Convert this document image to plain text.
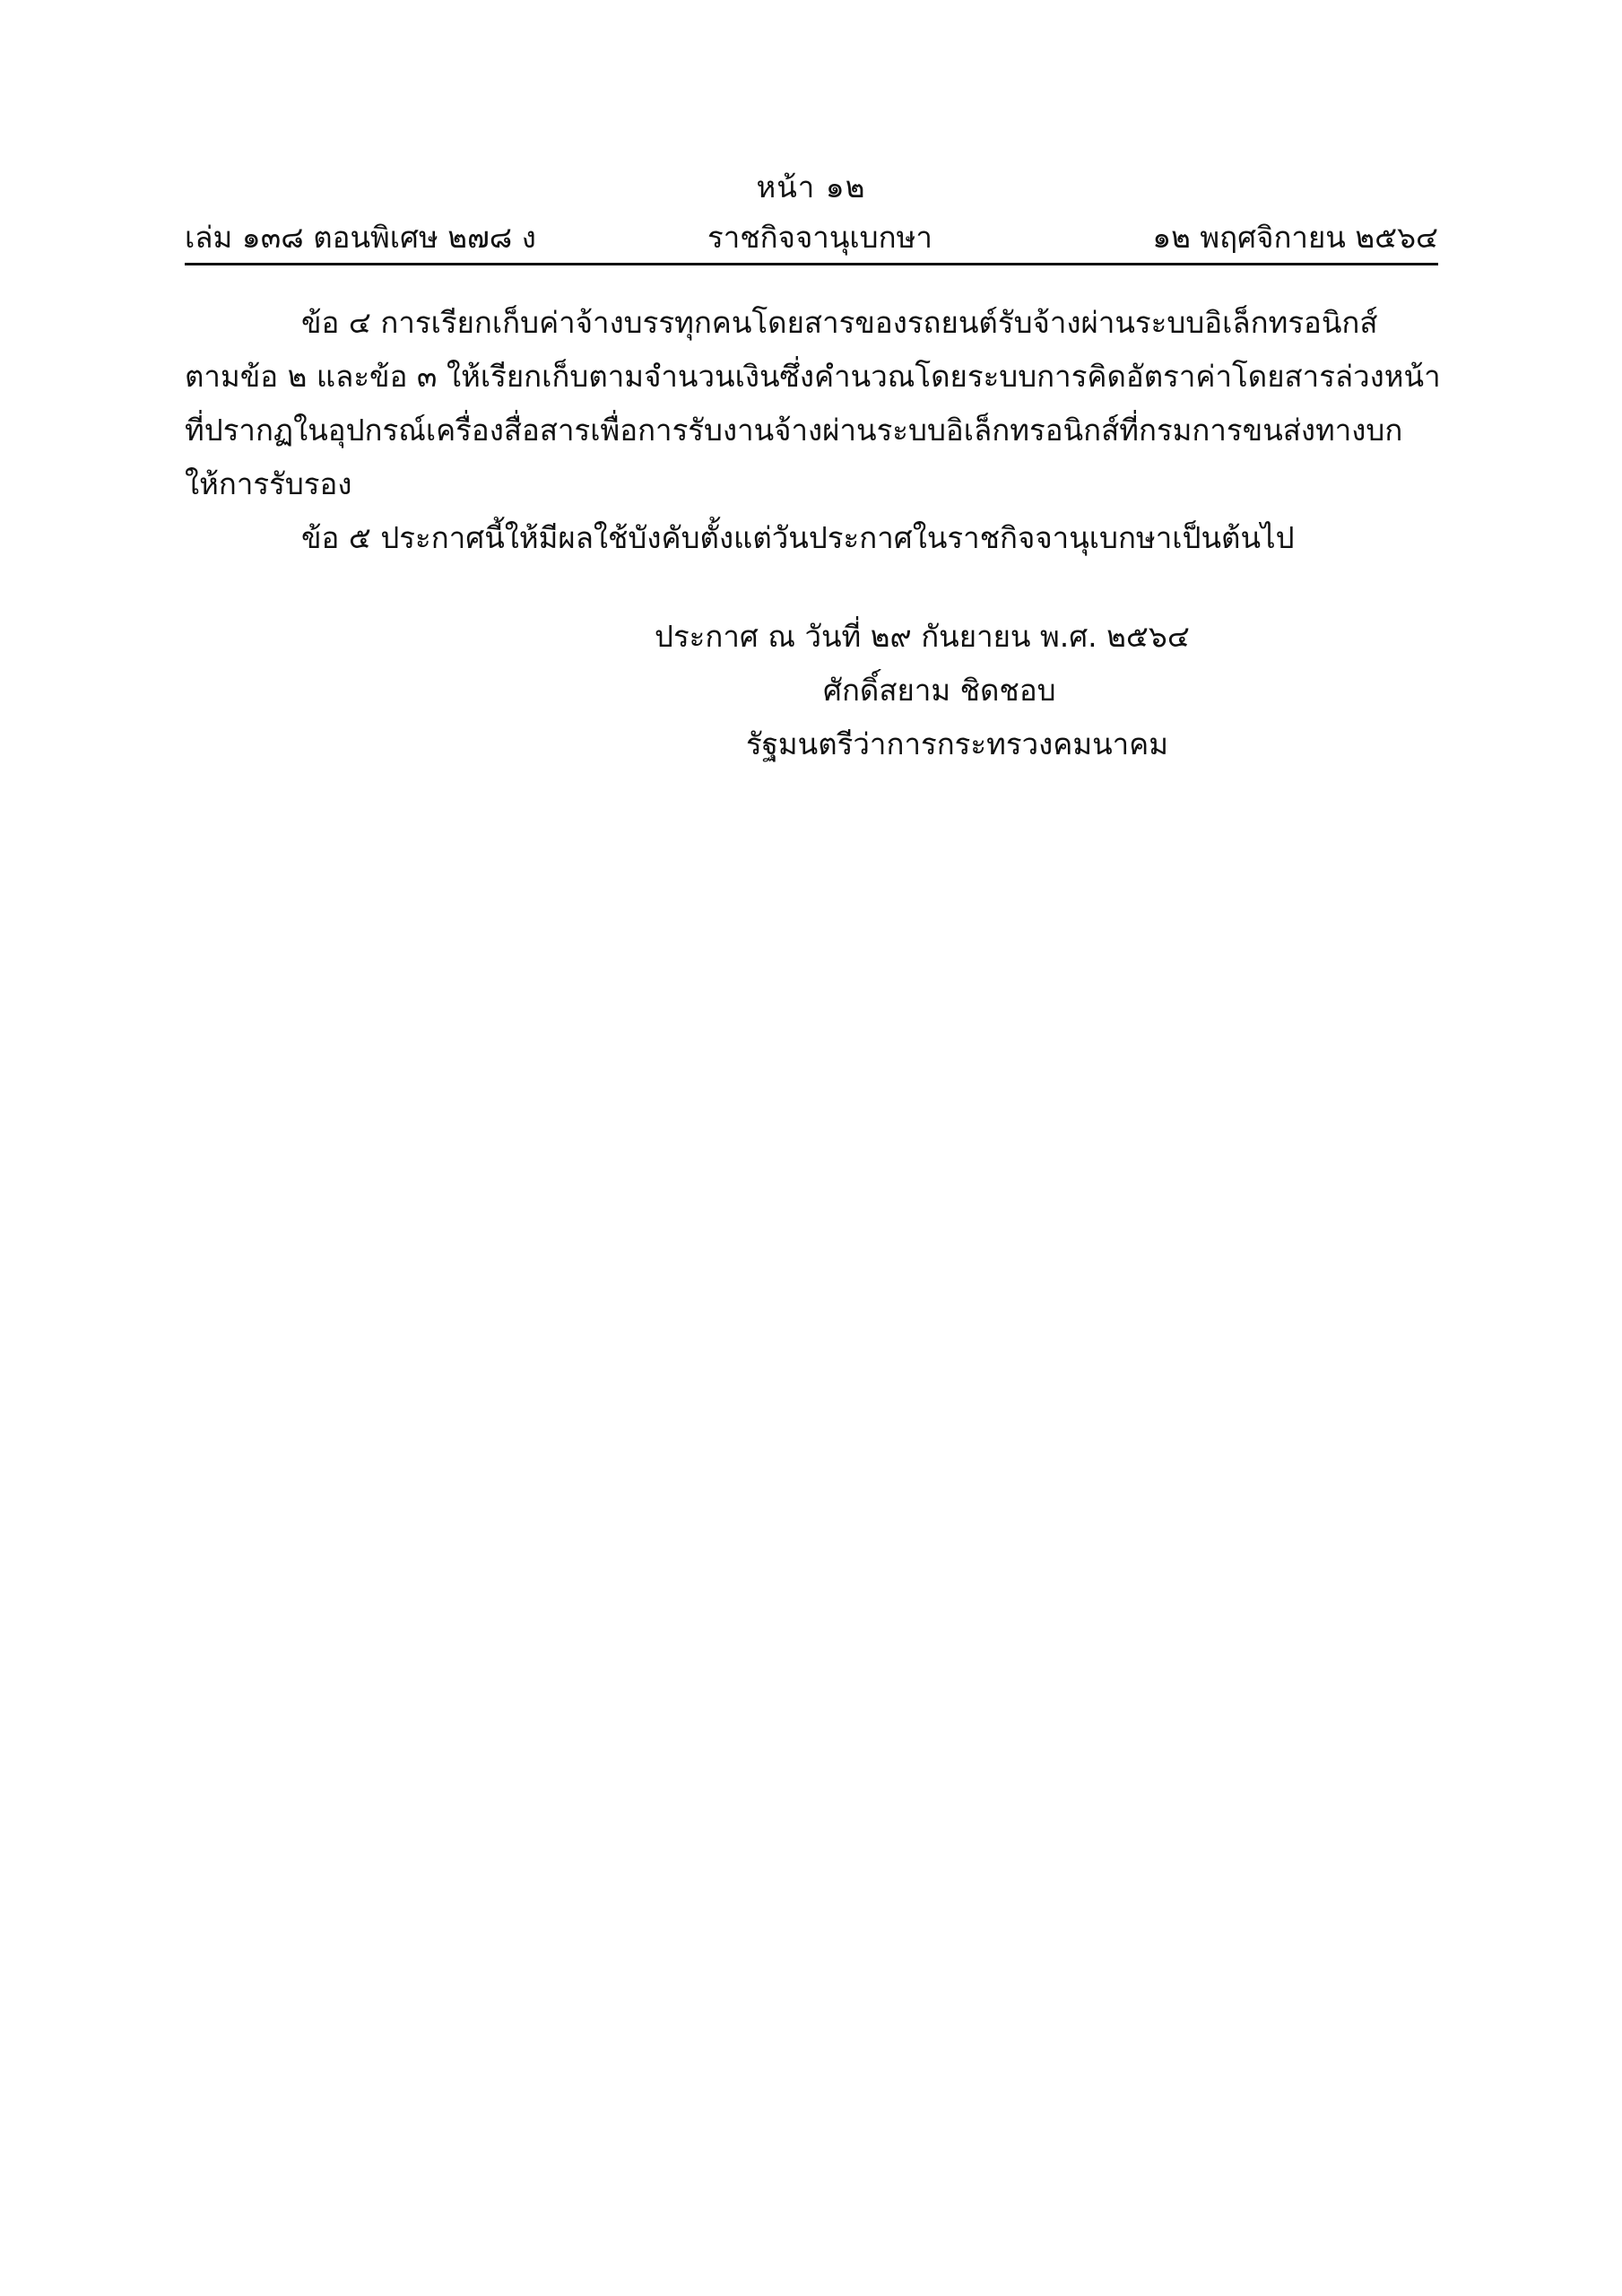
หน้า ๑๒
เล่ม ๑๓๘ ตอนพิเศษ ๒๗๘ ง	ราชกิจจานุเบกษา	๑๒ พฤศจิกายน ๒๕๖๔
ข้อ ๔ การเรียกเก็บค่าจ้างบรรทุกคนโดยสารของรถยนต์รับจ้างผ่านระบบอิเล็กทรอนิกส์
ตามข้อ ๒ และข้อ ๓ ให้เรียกเก็บตามจำนวนเงินซึ่งคำนวณโดยระบบการคิดอัตราค่าโดยสารล่วงหน้า
ที่ปรากฏในอุปกรณ์เครื่องสื่อสารเพื่อการรับงานจ้างผ่านระบบอิเล็กทรอนิกส์ที่กรมการขนส่งทางบก
ให้การรับรอง
ข้อ ๕ ประกาศนี้ให้มีผลใช้บังคับตั้งแต่วันประกาศในราชกิจจานุเบกษาเป็นต้นไป
ประกาศ ณ วันที่ ๒๙ กันยายน พ.ศ. ๒๕๖๔
ศักดิ์สยาม ชิดชอบ
รัฐมนตรีว่าการกระทรวงคมนาคม
